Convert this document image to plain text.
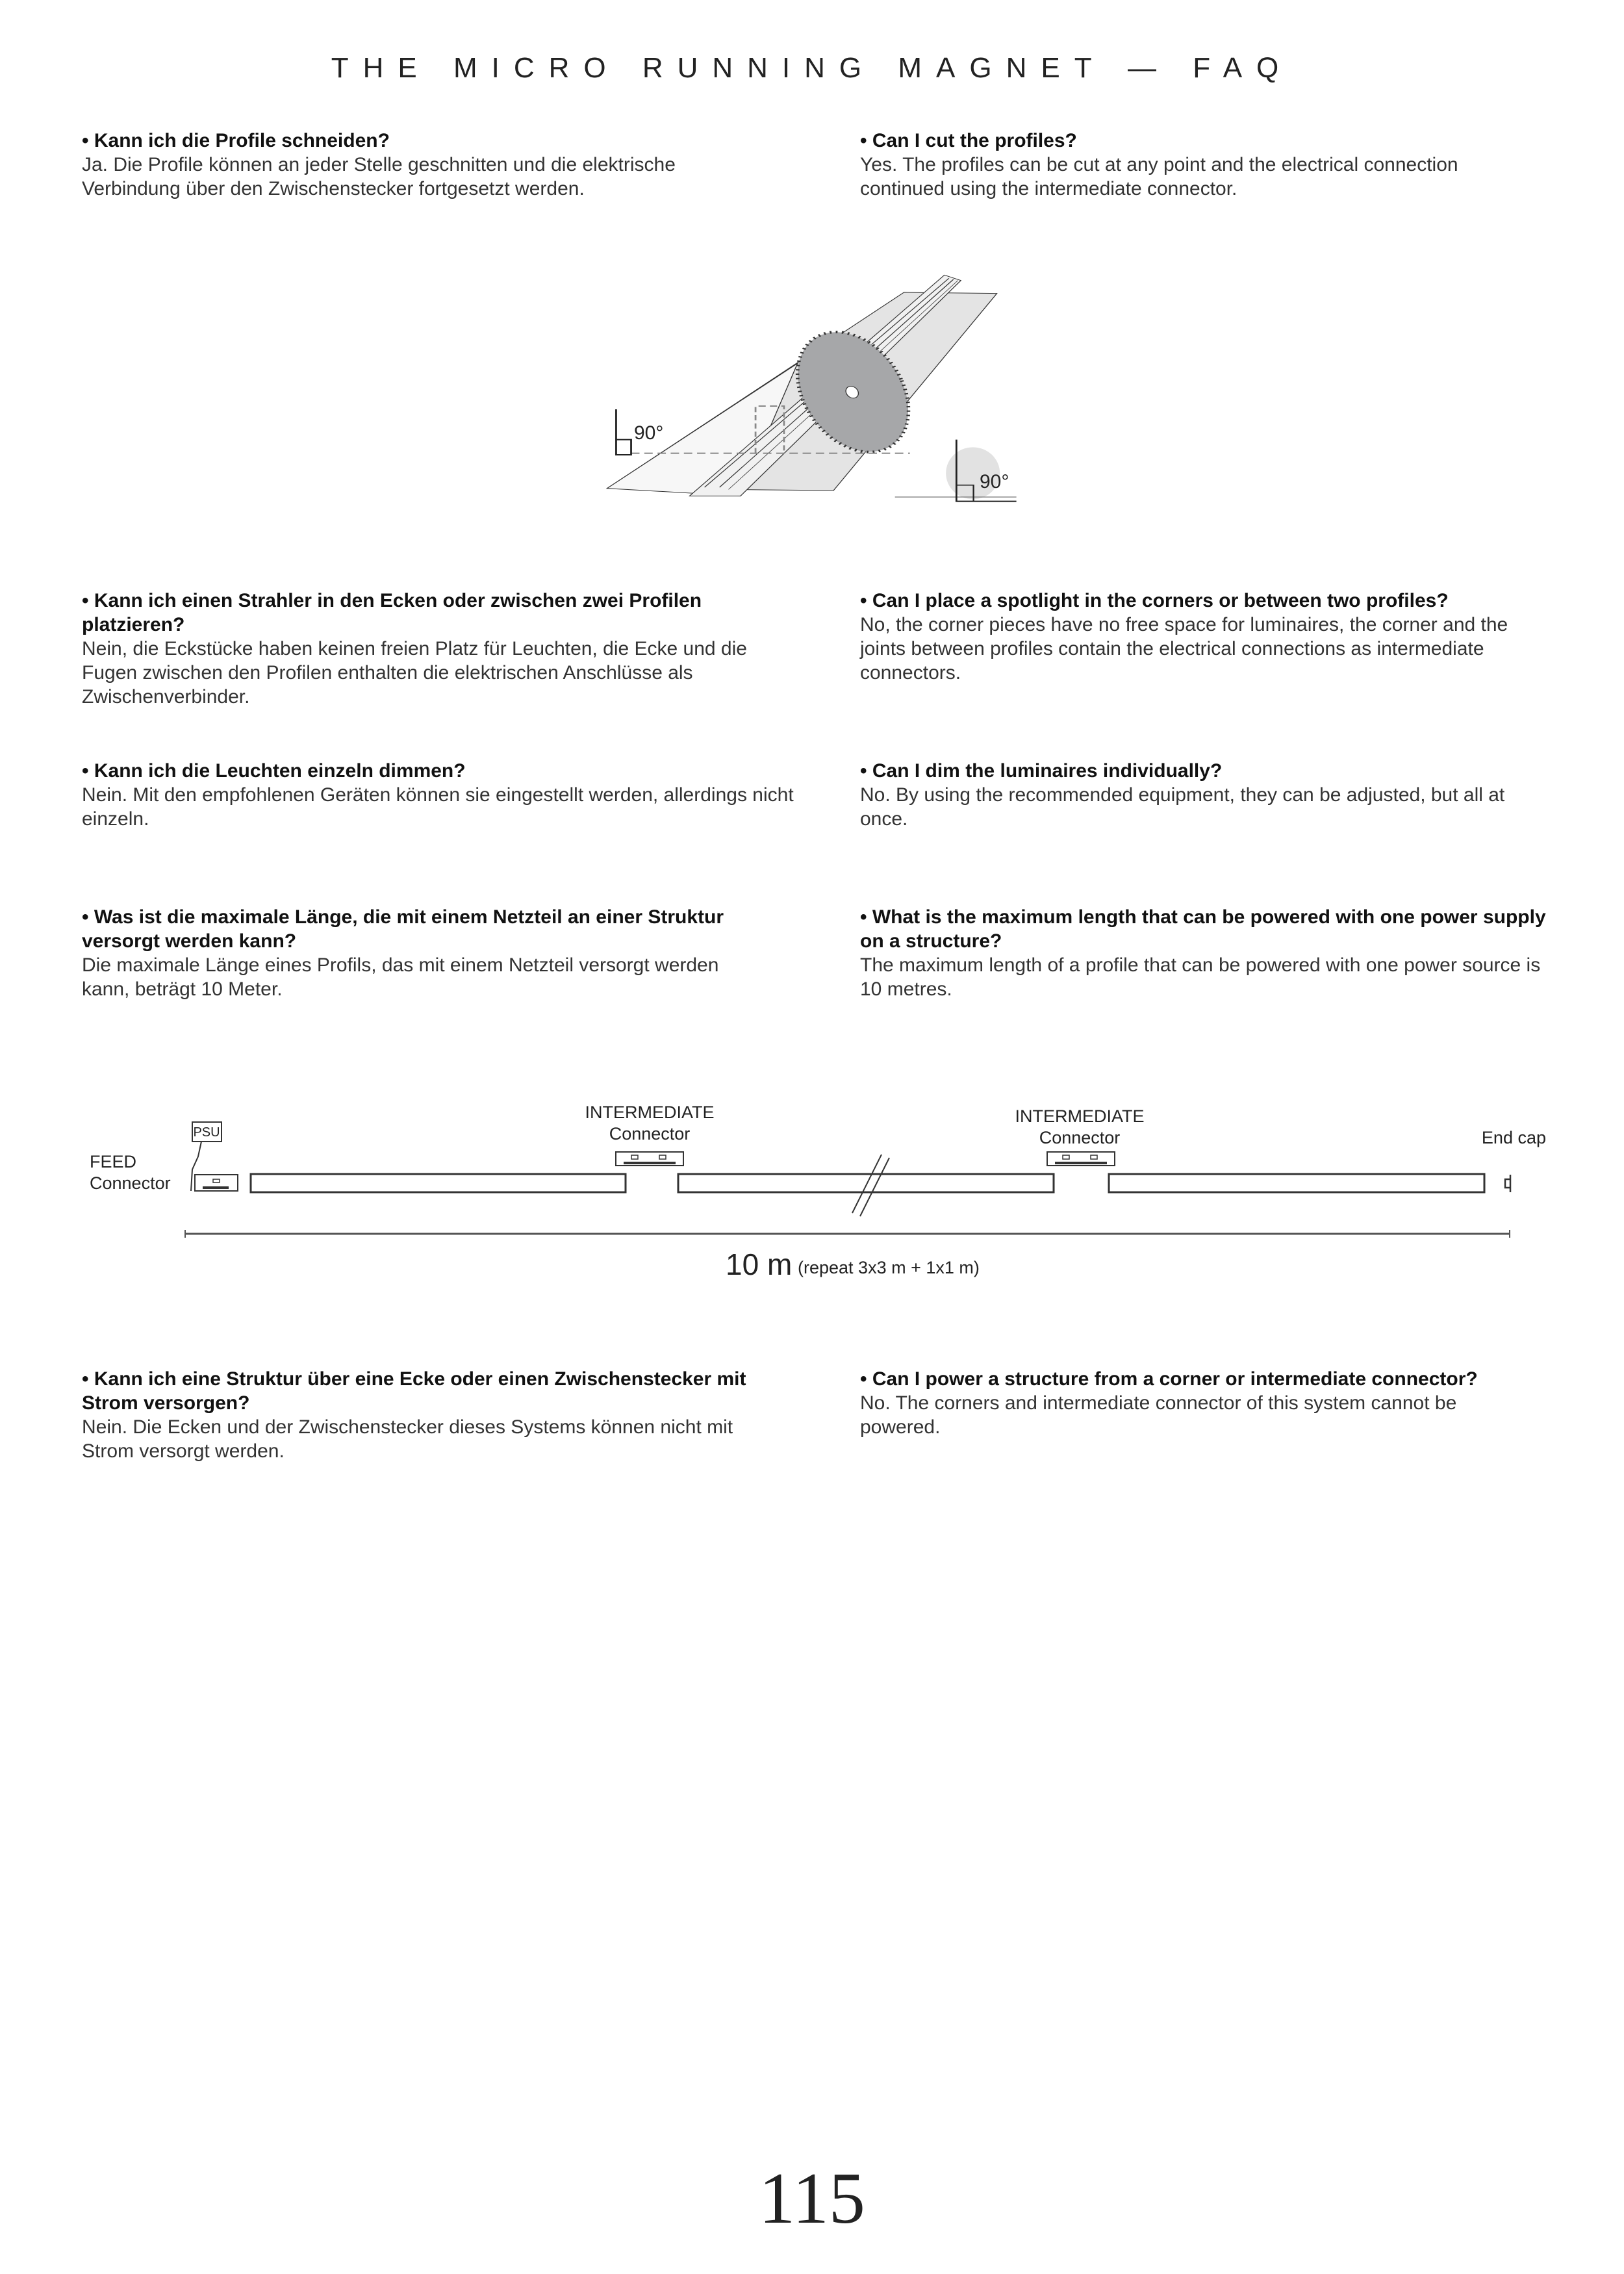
THE MICRO RUNNING MAGNET — FAQ
• Kann ich die Profile schneiden?
Ja. Die Profile können an jeder Stelle geschnitten und die elektrische Verbindung über den Zwischenstecker fortgesetzt werden.
• Can I cut the profiles?
Yes. The profiles can be cut at any point and the electrical connection continued using the intermediate connector.
90°
90°
• Kann ich einen Strahler in den Ecken oder zwischen zwei Profilen platzieren?
Nein, die Eckstücke haben keinen freien Platz für Leuchten, die Ecke und die Fugen zwischen den Profilen enthalten die elektrischen Anschlüsse als Zwischenverbinder.
• Can I place a spotlight in the corners or between two profiles?
No, the corner pieces have no free space for luminaires, the corner and the joints between profiles contain the electrical connections as intermediate connectors.
• Kann ich die Leuchten einzeln dimmen?
Nein. Mit den empfohlenen Geräten können sie eingestellt werden, allerdings nicht einzeln.
• Can I dim the luminaires individually?
No. By using the recommended equipment, they can be adjusted, but all at once.
• Was ist die maximale Länge, die mit einem Netzteil an einer Struktur versorgt werden kann?
Die maximale Länge eines Profils, das mit einem Netzteil versorgt werden kann, beträgt 10 Meter.
• What is the maximum length that can be powered with one power supply on a structure?
The maximum length of a profile that can be powered with one power source is 10 metres.
PSU
FEED
Connector
INTERMEDIATE
Connector
INTERMEDIATE
Connector	End cap
10 m (repeat 3x3 m + 1x1 m)
• Kann ich eine Struktur über eine Ecke oder einen Zwischenstecker mit Strom versorgen?
Nein. Die Ecken und der Zwischenstecker dieses Systems können nicht mit Strom versorgt werden.
• Can I power a structure from a corner or intermediate connector?
No. The corners and intermediate connector of this system cannot be powered.
115
